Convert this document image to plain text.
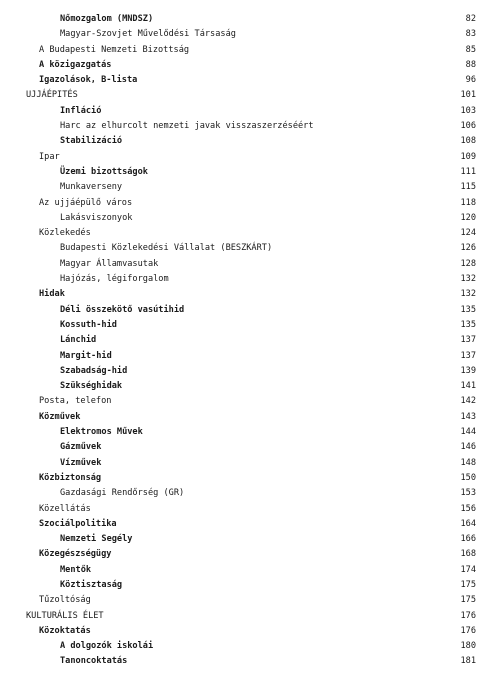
Nőmozgalom (MNDSZ)	82
Magyar-Szovjet Művelődési Társaság	83
A Budapesti Nemzeti Bizottság	85
A közigazgatás	88
Igazolások, B-lista	96
UJJÁÉPITÉS	101
Infláció	103
Harc az elhurcolt nemzeti javak visszaszerzéséért	106
Stabilizáció	108
Ipar	109
Üzemi bizottságok	111
Munkaverseny	115
Az ujjáépülő város	118
Lakásviszonyok	120
Közlekedés	124
Budapesti Közlekedési Vállalat (BESZKÁRT)	126
Magyar Államvasutak	128
Hajózás, légiforgalom	132
Hidak	132
Déli összekötő vasútihid	135
Kossuth-hid	135
Lánchid	137
Margit-hid	137
Szabadság-hid	139
Szükséghidak	141
Posta, telefon	142
Közművek	143
Elektromos Művek	144
Gázművek	146
Vízművek	148
Közbiztonság	150
Gazdasági Rendőrség (GR)	153
Közellátás	156
Szociálpolitika	164
Nemzeti Segély	166
Közegészségügy	168
Mentők	174
Köztisztaság	175
Tűzoltóság	175
KULTURÁLIS ÉLET	176
Közoktatás	176
A dolgozók iskolái	180
Tanoncoktatás	181
